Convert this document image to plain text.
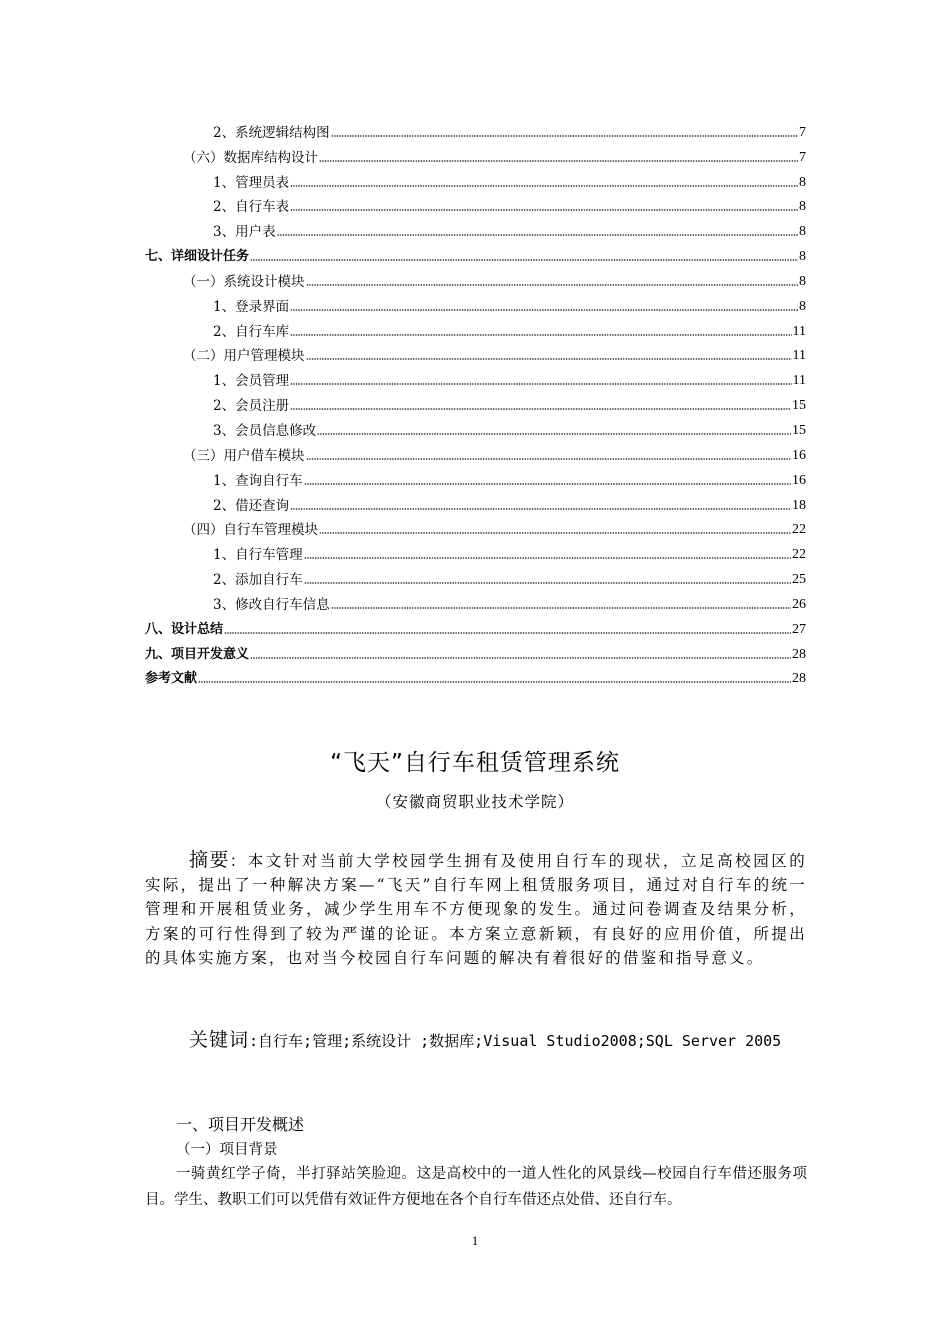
2、系统逻辑结构图	7
（六）数据库结构设计	7
1、管理员表	8
2、自行车表	8
3、用户表	8
七、详细设计任务	8
（一）系统设计模块	8
1、登录界面	8
2、自行车库	11
（二）用户管理模块	11
1、会员管理	11
2、会员注册	15
3、会员信息修改	15
（三）用户借车模块	16
1、查询自行车	16
2、借还查询	18
（四）自行车管理模块	22
1、自行车管理	22
2、添加自行车	25
3、修改自行车信息	26
八、设计总结	27
九、项目开发意义	28
参考文献	28
“飞天”自行车租赁管理系统
（安徽商贸职业技术学院）
摘要：本文针对当前大学校园学生拥有及使用自行车的现状，立足高校园区的实际，提出了一种解决方案—“飞天”自行车网上租赁服务项目，通过对自行车的统一管理和开展租赁业务，减少学生用车不方便现象的发生。通过问卷调查及结果分析，方案的可行性得到了较为严谨的论证。本方案立意新颖，有良好的应用价值，所提出的具体实施方案，也对当今校园自行车问题的解决有着很好的借鉴和指导意义。
关键词:自行车;管理;系统设计 ;数据库;Visual Studio2008;SQL Server 2005
一、项目开发概述
（一）项目背景
一骑黄红学子倚，半打驿站笑脸迎。这是高校中的一道人性化的风景线—校园自行车借还服务项目。学生、教职工们可以凭借有效证件方便地在各个自行车借还点处借、还自行车。
1
